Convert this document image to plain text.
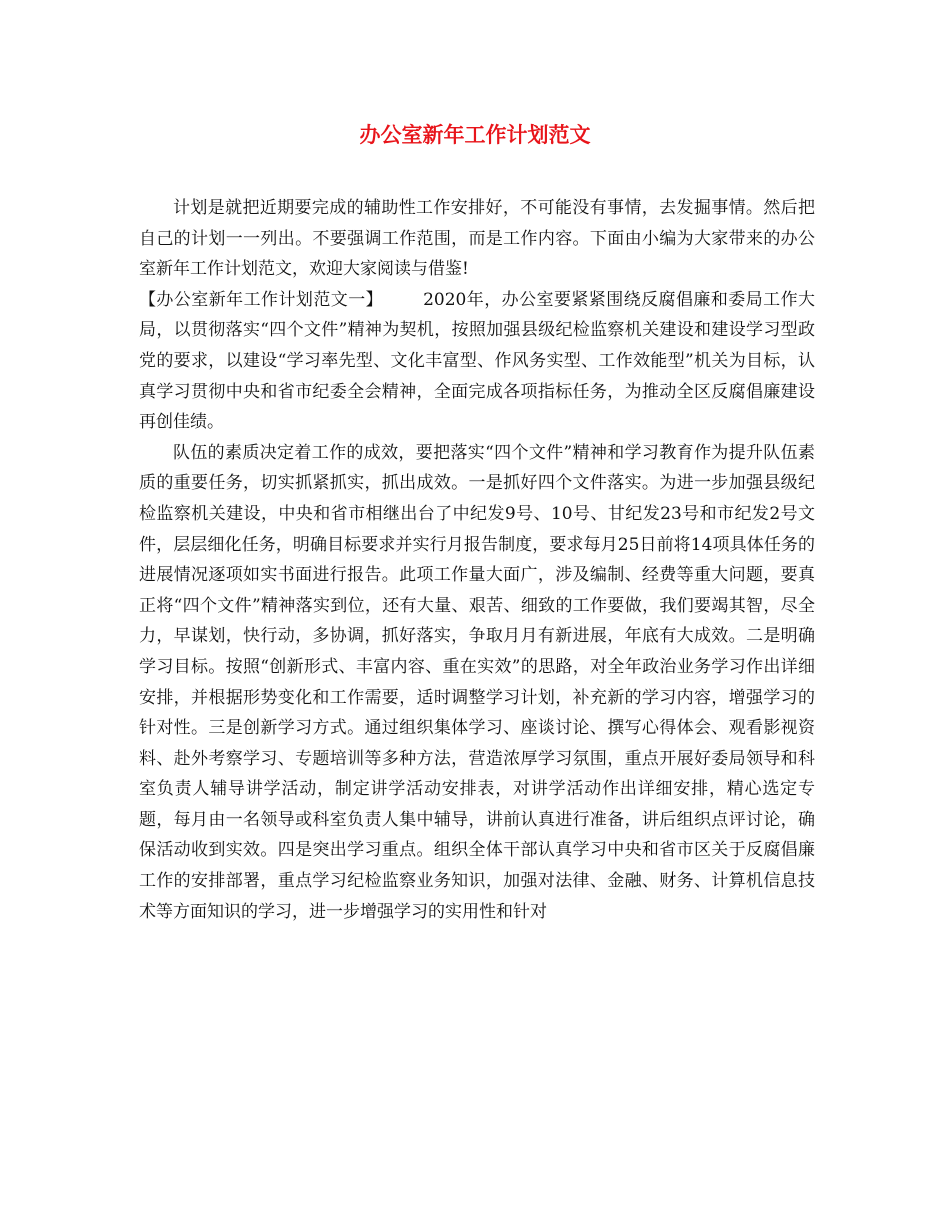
办公室新年工作计划范文

计划是就把近期要完成的辅助性工作安排好，不可能没有事情，去发掘事情。然后把自己的计划一一列出。不要强调工作范围，而是工作内容。下面由小编为大家带来的办公室新年工作计划范文，欢迎大家阅读与借鉴!

【办公室新年工作计划范文一】 2020年，办公室要紧紧围绕反腐倡廉和委局工作大局，以贯彻落实“四个文件”精神为契机，按照加强县级纪检监察机关建设和建设学习型政党的要求，以建设“学习率先型、文化丰富型、作风务实型、工作效能型”机关为目标，认真学习贯彻中央和省市纪委全会精神，全面完成各项指标任务，为推动全区反腐倡廉建设再创佳绩。

队伍的素质决定着工作的成效，要把落实“四个文件”精神和学习教育作为提升队伍素质的重要任务，切实抓紧抓实，抓出成效。一是抓好四个文件落实。为进一步加强县级纪检监察机关建设，中央和省市相继出台了中纪发9号、10号、甘纪发23号和市纪发2号文件，层层细化任务，明确目标要求并实行月报告制度，要求每月25日前将14项具体任务的进展情况逐项如实书面进行报告。此项工作量大面广，涉及编制、经费等重大问题，要真正将“四个文件”精神落实到位，还有大量、艰苦、细致的工作要做，我们要竭其智，尽全力，早谋划，快行动，多协调，抓好落实，争取月月有新进展，年底有大成效。二是明确学习目标。按照“创新形式、丰富内容、重在实效”的思路，对全年政治业务学习作出详细安排，并根据形势变化和工作需要，适时调整学习计划，补充新的学习内容，增强学习的针对性。三是创新学习方式。通过组织集体学习、座谈讨论、撰写心得体会、观看影视资料、赴外考察学习、专题培训等多种方法，营造浓厚学习氛围，重点开展好委局领导和科室负责人辅导讲学活动，制定讲学活动安排表，对讲学活动作出详细安排，精心选定专题，每月由一名领导或科室负责人集中辅导，讲前认真进行准备，讲后组织点评讨论，确保活动收到实效。四是突出学习重点。组织全体干部认真学习中央和省市区关于反腐倡廉工作的安排部署，重点学习纪检监察业务知识，加强对法律、金融、财务、计算机信息技术等方面知识的学习，进一步增强学习的实用性和针对
